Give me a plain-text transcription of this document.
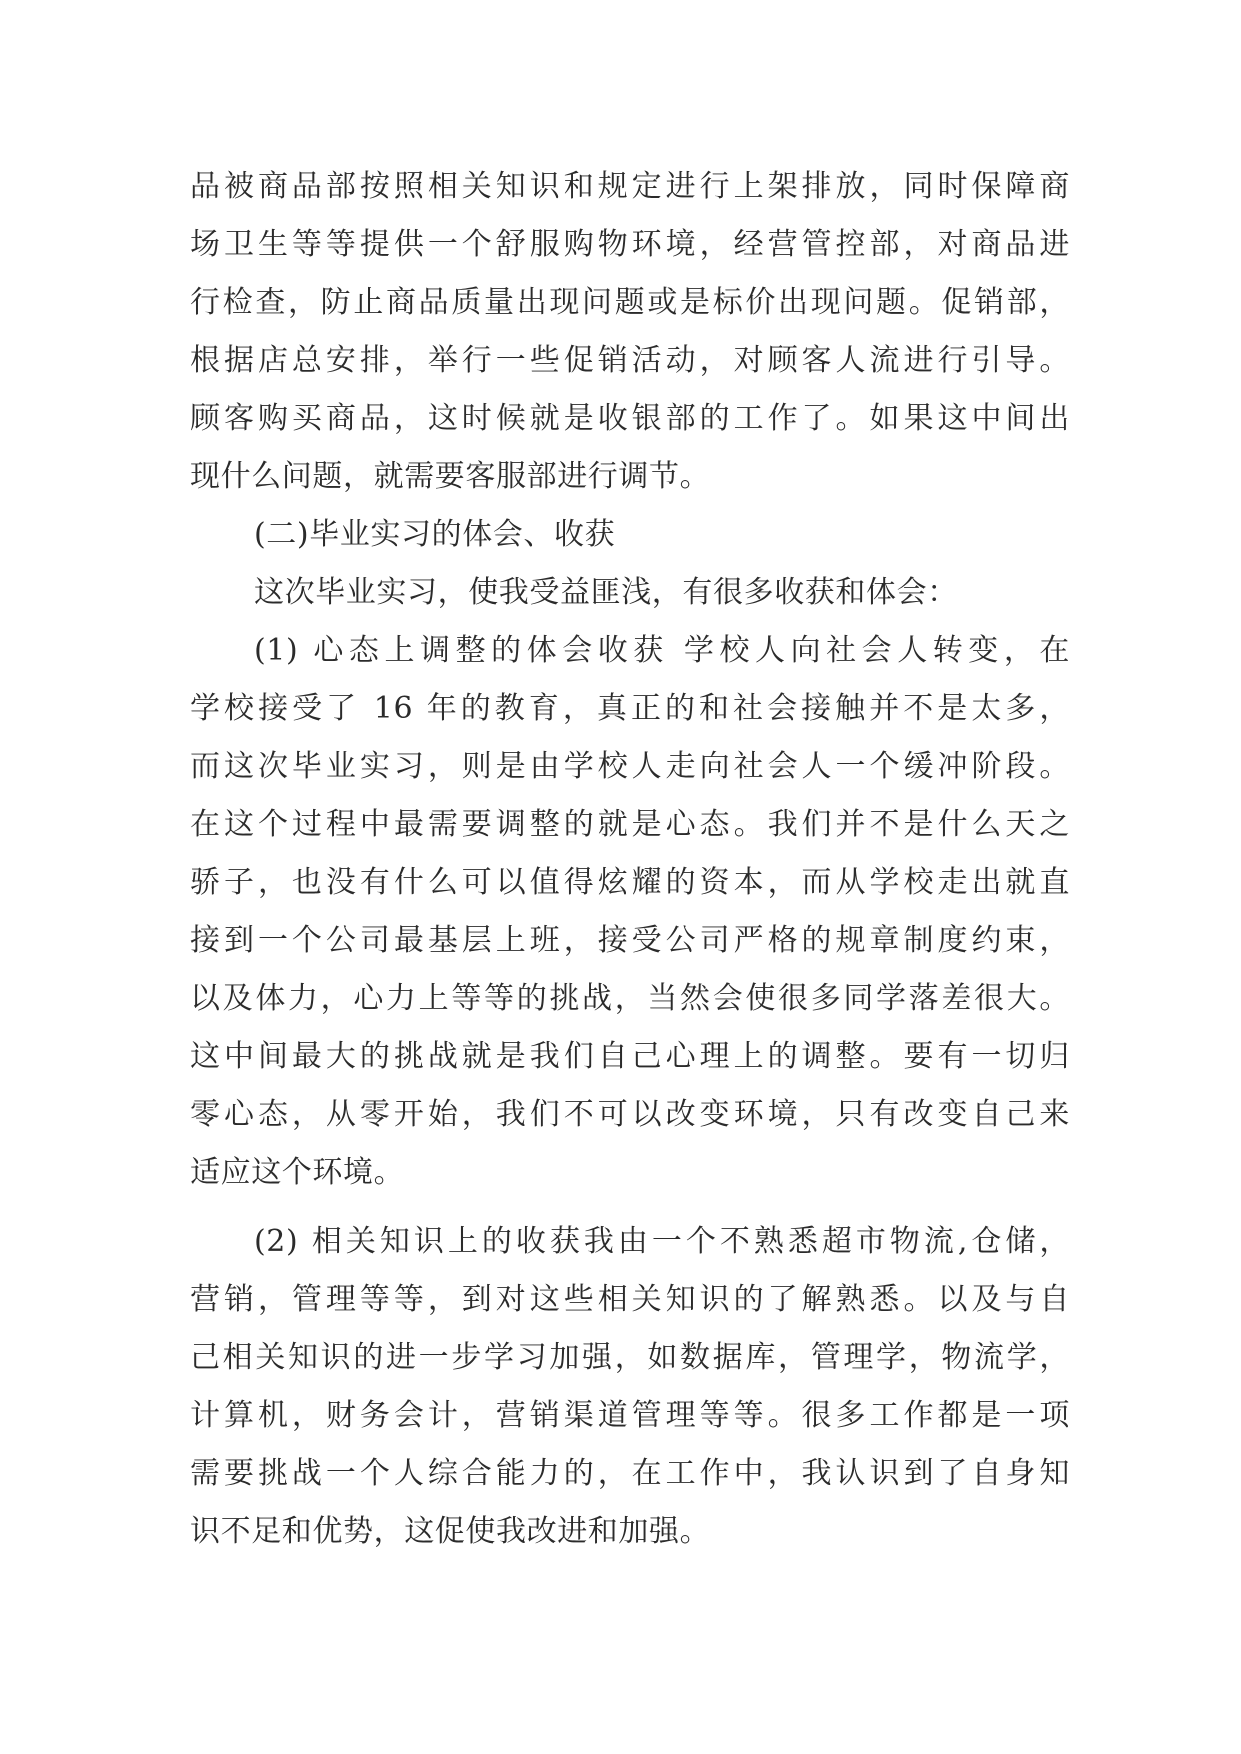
品被商品部按照相关知识和规定进行上架排放，同时保障商
场卫生等等提供一个舒服购物环境，经营管控部，对商品进
行检查，防止商品质量出现问题或是标价出现问题。促销部，
根据店总安排，举行一些促销活动，对顾客人流进行引导。
顾客购买商品，这时候就是收银部的工作了。如果这中间出
现什么问题，就需要客服部进行调节。
(二)毕业实习的体会、收获
这次毕业实习，使我受益匪浅，有很多收获和体会：
(1) 心态上调整的体会收获 学校人向社会人转变，在
学校接受了 16 年的教育，真正的和社会接触并不是太多，
而这次毕业实习，则是由学校人走向社会人一个缓冲阶段。
在这个过程中最需要调整的就是心态。我们并不是什么天之
骄子，也没有什么可以值得炫耀的资本，而从学校走出就直
接到一个公司最基层上班，接受公司严格的规章制度约束，
以及体力，心力上等等的挑战，当然会使很多同学落差很大。
这中间最大的挑战就是我们自己心理上的调整。要有一切归
零心态，从零开始，我们不可以改变环境，只有改变自己来
适应这个环境。
(2) 相关知识上的收获我由一个不熟悉超市物流,仓储，
营销，管理等等，到对这些相关知识的了解熟悉。以及与自
己相关知识的进一步学习加强，如数据库，管理学，物流学，
计算机，财务会计，营销渠道管理等等。很多工作都是一项
需要挑战一个人综合能力的，在工作中，我认识到了自身知
识不足和优势，这促使我改进和加强。
